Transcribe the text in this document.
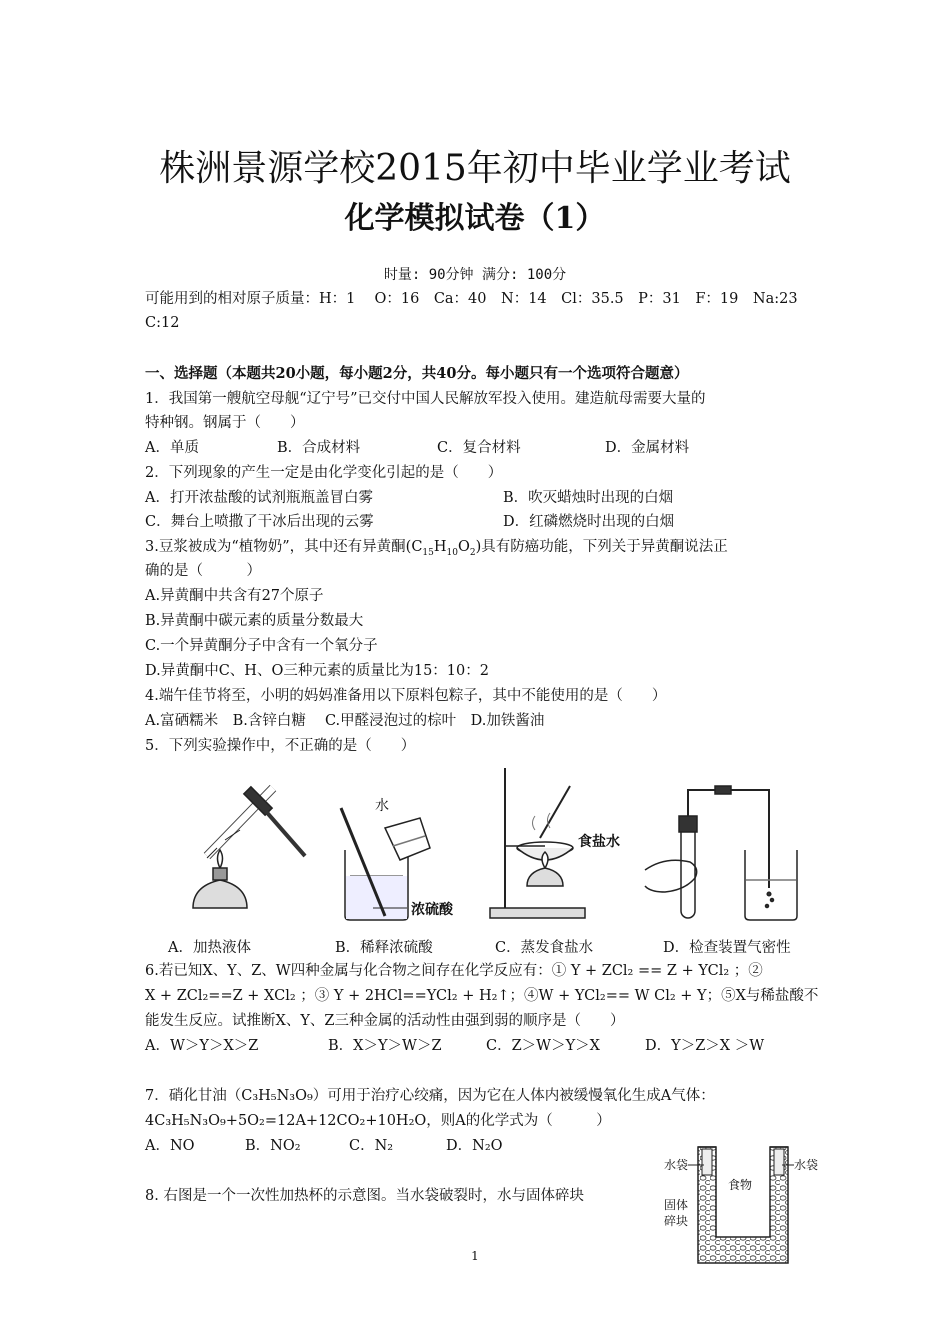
株洲景源学校2015年初中毕业学业考试
化学模拟试卷（1）
时量: 90分钟 满分: 100分
可能用到的相对原子质量：H：1　 O：16　Ca：40　N：14　Cl：35.5　P：31　F：19　Na:23
C:12
一、选择题（本题共20小题，每小题2分，共40分。每小题只有一个选项符合题意）
1．我国第一艘航空母舰“辽宁号”已交付中国人民解放军投入使用。建造航母需要大量的
特种钢。钢属于（　　）
A．单质	B．合成材料	C．复合材料	D．金属材料
2．下列现象的产生一定是由化学变化引起的是（　　）
A．打开浓盐酸的试剂瓶瓶盖冒白雾	B．吹灭蜡烛时出现的白烟
C．舞台上喷撒了干冰后出现的云雾	D．红磷燃烧时出现的白烟
3.豆浆被成为“植物奶”，其中还有异黄酮$(C_{15}H_{10}O_2)$具有防癌功能，下列关于异黄酮说法正
确的是（　　　）
A.异黄酮中共含有27个原子
B.异黄酮中碳元素的质量分数最大
C.一个异黄酮分子中含有一个氧分子
D.异黄酮中C、H、O三种元素的质量比为15：10：2
4.端午佳节将至，小明的妈妈准备用以下原料包粽子，其中不能使用的是（　　）
A.富硒糯米　B.含锌白糖　 C.甲醛浸泡过的棕叶　D.加铁酱油
5．下列实验操作中，不正确的是（　　）
水
浓硫酸
食盐水
A．加热液体	B．稀释浓硫酸	C．蒸发食盐水	D．检查装置气密性
6.若已知X、Y、Z、W四种金属与化合物之间存在化学反应有：① Y + ZCl₂ == Z + YCl₂ ；②
X + ZCl₂==Z + XCl₂ ；③ Y + 2HCl==YCl₂ + H₂↑；④W + YCl₂== W Cl₂ + Y；⑤X与稀盐酸不
能发生反应。试推断X、Y、Z三种金属的活动性由强到弱的顺序是（　　）
A．W＞Y＞X＞Z	B．X＞Y＞W＞Z	C．Z＞W＞Y＞X	D．Y＞Z＞X ＞W
7．硝化甘油（C₃H₅N₃O₉）可用于治疗心绞痛，因为它在人体内被缓慢氧化生成A气体：
4C₃H₅N₃O₉+5O₂=12A+12CO₂+10H₂O，则A的化学式为（　　　）
A．NO	B．NO₂	C．N₂	D．N₂O
8. 右图是一个一次性加热杯的示意图。当水袋破裂时，水与固体碎块
水袋	水袋
食物
固体
碎块
1
